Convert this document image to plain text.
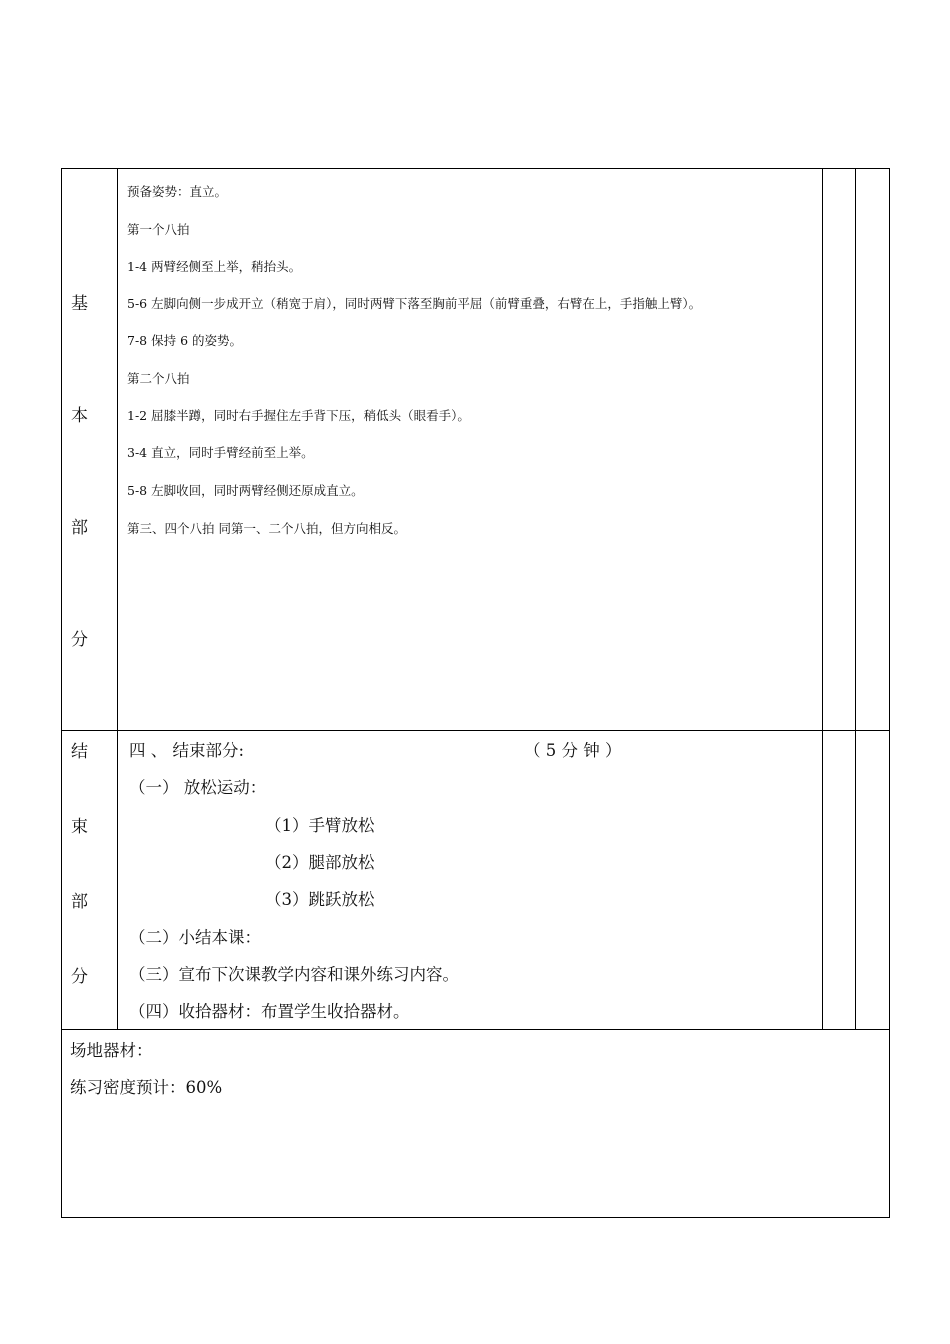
基
本
部
分
预备姿势：直立。
第一个八拍
1-4 两臂经侧至上举，稍抬头。
5-6 左脚向侧一步成开立（稍宽于肩），同时两臂下落至胸前平屈（前臂重叠，右臂在上，手指触上臂）。
7-8 保持 6 的姿势。
第二个八拍
1-2 屈膝半蹲，同时右手握住左手背下压，稍低头（眼看手）。
3-4 直立，同时手臂经前至上举。
5-8 左脚收回，同时两臂经侧还原成直立。
第三、四个八拍 同第一、二个八拍，但方向相反。
结
束
部
分
四 、 结束部分:	（ 5 分 钟 ）
（一） 放松运动：
（1）手臂放松
（2）腿部放松
（3）跳跃放松
（二）小结本课：
（三）宣布下次课教学内容和课外练习内容。
（四）收拾器材：布置学生收拾器材。
场地器材：
练习密度预计：60%
